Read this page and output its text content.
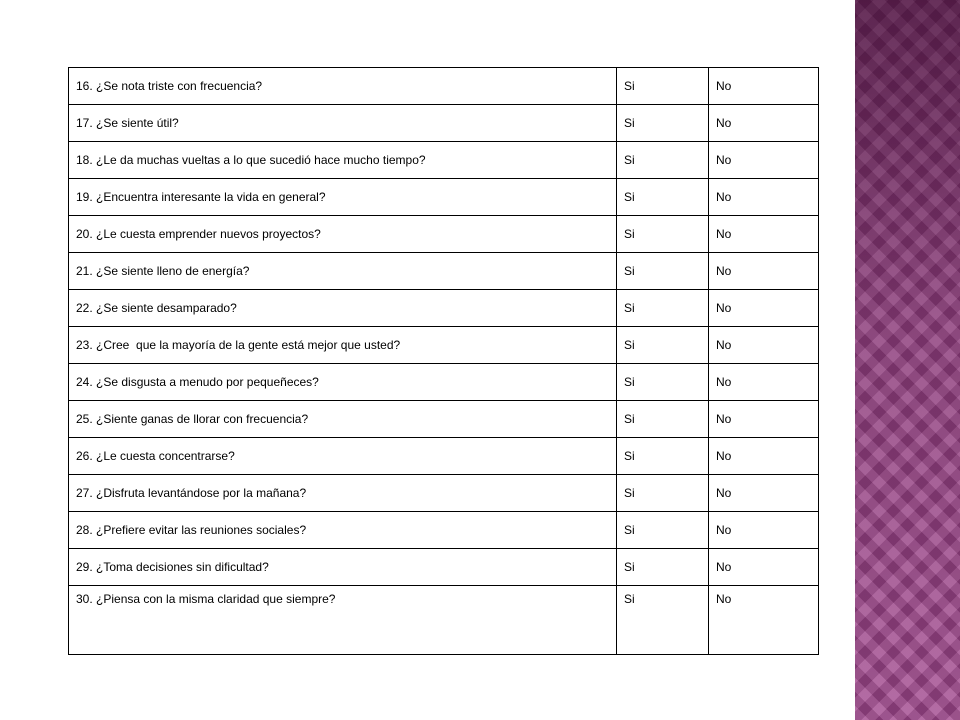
16. ¿Se nota triste con frecuencia?	Si	No
17. ¿Se siente útil?	Si	No
18. ¿Le da muchas vueltas a lo que sucedió hace mucho tiempo?	Si	No
19. ¿Encuentra interesante la vida en general?	Si	No
20. ¿Le cuesta emprender nuevos proyectos?	Si	No
21. ¿Se siente lleno de energía?	Si	No
22. ¿Se siente desamparado?	Si	No
23. ¿Cree  que la mayoría de la gente está mejor que usted?	Si	No
24. ¿Se disgusta a menudo por pequeñeces?	Si	No
25. ¿Siente ganas de llorar con frecuencia?	Si	No
26. ¿Le cuesta concentrarse?	Si	No
27. ¿Disfruta levantándose por la mañana?	Si	No
28. ¿Prefiere evitar las reuniones sociales?	Si	No
29. ¿Toma decisiones sin dificultad?	Si	No
30. ¿Piensa con la misma claridad que siempre?	Si	No
